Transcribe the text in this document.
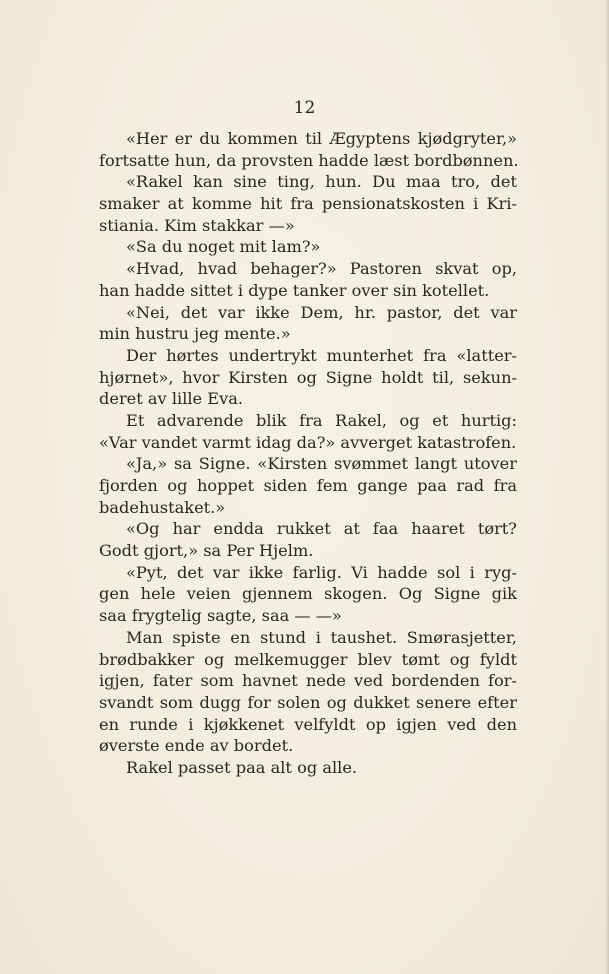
12
«Her er du kommen til Ægyptens kjødgryter,»
fortsatte hun, da provsten hadde læst bordbønnen.
«Rakel kan sine ting, hun. Du maa tro, det
smaker at komme hit fra pensionatskosten i Kri-
stiania. Kim stakkar —»
«Sa du noget mit lam?»
«Hvad, hvad behager?» Pastoren skvat op,
han hadde sittet i dype tanker over sin kotellet.
«Nei, det var ikke Dem, hr. pastor, det var
min hustru jeg mente.»
Der hørtes undertrykt munterhet fra «latter-
hjørnet», hvor Kirsten og Signe holdt til, sekun-
deret av lille Eva.
Et advarende blik fra Rakel, og et hurtig:
«Var vandet varmt idag da?» avverget katastrofen.
«Ja,» sa Signe. «Kirsten svømmet langt utover
fjorden og hoppet siden fem gange paa rad fra
badehustaket.»
«Og har endda rukket at faa haaret tørt?
Godt gjort,» sa Per Hjelm.
«Pyt, det var ikke farlig. Vi hadde sol i ryg-
gen hele veien gjennem skogen. Og Signe gik
saa frygtelig sagte, saa — —»
Man spiste en stund i taushet. Smørasjetter,
brødbakker og melkemugger blev tømt og fyldt
igjen, fater som havnet nede ved bordenden for-
svandt som dugg for solen og dukket senere efter
en runde i kjøkkenet velfyldt op igjen ved den
øverste ende av bordet.
Rakel passet paa alt og alle.
